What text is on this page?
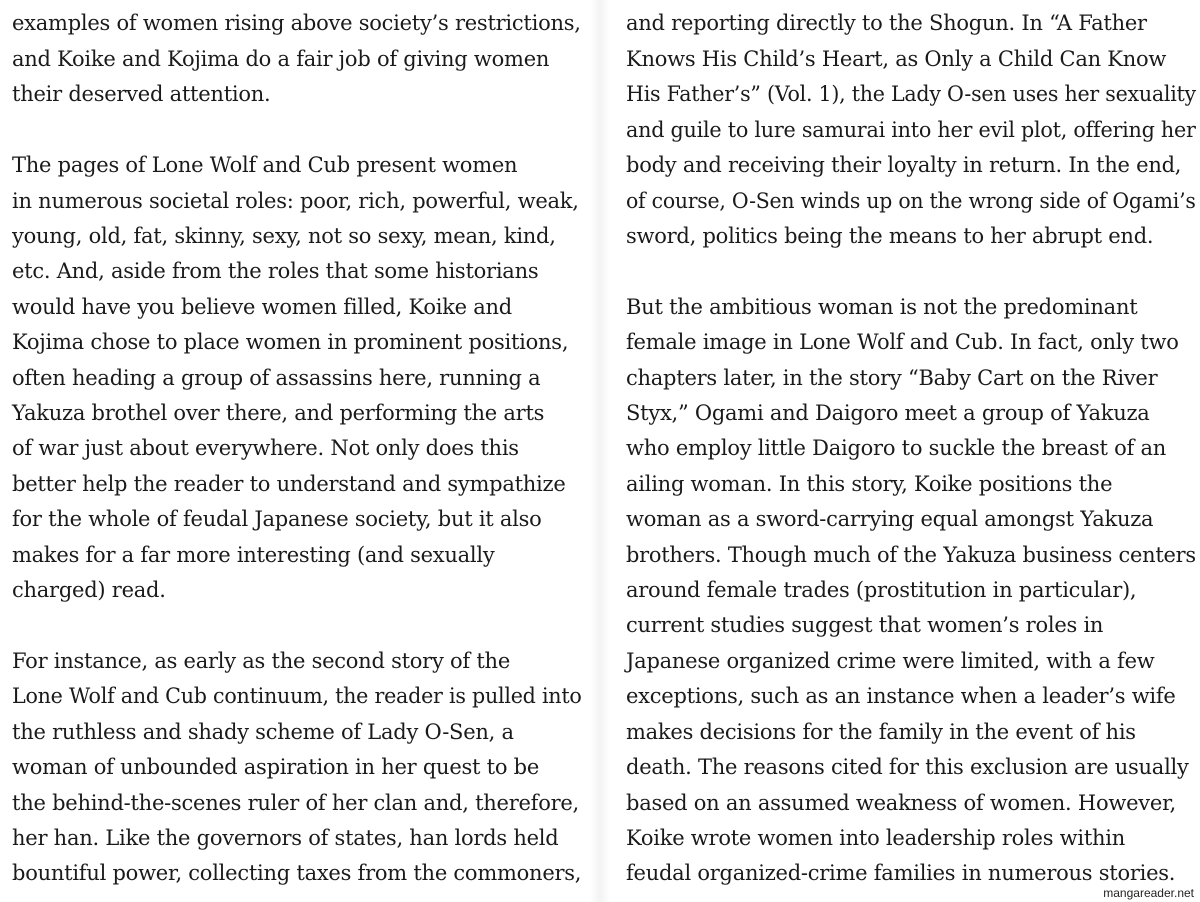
examples of women rising above society’s restrictions,
and Koike and Kojima do a fair job of giving women
their deserved attention.
The pages of Lone Wolf and Cub present women
in numerous societal roles: poor, rich, powerful, weak,
young, old, fat, skinny, sexy, not so sexy, mean, kind,
etc. And, aside from the roles that some historians
would have you believe women filled, Koike and
Kojima chose to place women in prominent positions,
often heading a group of assassins here, running a
Yakuza brothel over there, and performing the arts
of war just about everywhere. Not only does this
better help the reader to understand and sympathize
for the whole of feudal Japanese society, but it also
makes for a far more interesting (and sexually
charged) read.
For instance, as early as the second story of the
Lone Wolf and Cub continuum, the reader is pulled into
the ruthless and shady scheme of Lady O-Sen, a
woman of unbounded aspiration in her quest to be
the behind-the-scenes ruler of her clan and, therefore,
her han. Like the governors of states, han lords held
bountiful power, collecting taxes from the commoners,
and reporting directly to the Shogun. In “A Father
Knows His Child’s Heart, as Only a Child Can Know
His Father’s” (Vol. 1), the Lady O-sen uses her sexuality
and guile to lure samurai into her evil plot, offering her
body and receiving their loyalty in return. In the end,
of course, O-Sen winds up on the wrong side of Ogami’s
sword, politics being the means to her abrupt end.
But the ambitious woman is not the predominant
female image in Lone Wolf and Cub. In fact, only two
chapters later, in the story “Baby Cart on the River
Styx,” Ogami and Daigoro meet a group of Yakuza
who employ little Daigoro to suckle the breast of an
ailing woman. In this story, Koike positions the
woman as a sword-carrying equal amongst Yakuza
brothers. Though much of the Yakuza business centers
around female trades (prostitution in particular),
current studies suggest that women’s roles in
Japanese organized crime were limited, with a few
exceptions, such as an instance when a leader’s wife
makes decisions for the family in the event of his
death. The reasons cited for this exclusion are usually
based on an assumed weakness of women. However,
Koike wrote women into leadership roles within
feudal organized-crime families in numerous stories.
mangareader.net
